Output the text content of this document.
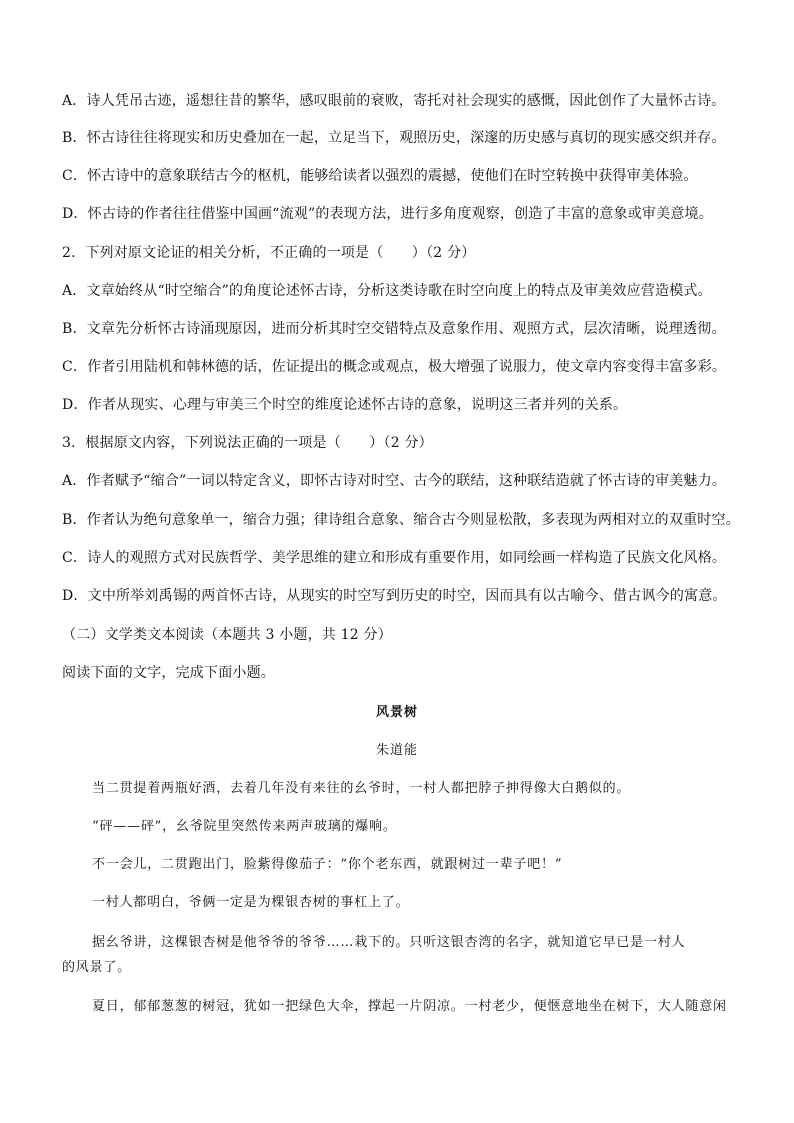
A．诗人凭吊古迹，遥想往昔的繁华，感叹眼前的衰败，寄托对社会现实的感慨，因此创作了大量怀古诗。
B．怀古诗往往将现实和历史叠加在一起，立足当下，观照历史，深邃的历史感与真切的现实感交织并存。
C．怀古诗中的意象联结古今的枢机，能够给读者以强烈的震撼，使他们在时空转换中获得审美体验。
D．怀古诗的作者往往借鉴中国画“流观”的表现方法，进行多角度观察，创造了丰富的意象或审美意境。
2．下列对原文论证的相关分析，不正确的一项是（　　）（2 分）
A．文章始终从“时空缩合”的角度论述怀古诗，分析这类诗歌在时空向度上的特点及审美效应营造模式。
B．文章先分析怀古诗涌现原因，进而分析其时空交错特点及意象作用、观照方式，层次清晰，说理透彻。
C．作者引用陆机和韩林德的话，佐证提出的概念或观点，极大增强了说服力，使文章内容变得丰富多彩。
D．作者从现实、心理与审美三个时空的维度论述怀古诗的意象，说明这三者并列的关系。
3．根据原文内容，下列说法正确的一项是（　　）（2 分）
A．作者赋予“缩合”一词以特定含义，即怀古诗对时空、古今的联结，这种联结造就了怀古诗的审美魅力。
B．作者认为绝句意象单一，缩合力强；律诗组合意象、缩合古今则显松散，多表现为两相对立的双重时空。
C．诗人的观照方式对民族哲学、美学思维的建立和形成有重要作用，如同绘画一样构造了民族文化风格。
D．文中所举刘禹锡的两首怀古诗，从现实的时空写到历史的时空，因而具有以古喻今、借古讽今的寓意。
（二）文学类文本阅读（本题共 3 小题，共 12 分）
阅读下面的文字，完成下面小题。
风景树
朱道能
当二贯提着两瓶好酒，去着几年没有来往的幺爷时，一村人都把脖子抻得像大白鹅似的。
“砰——砰”，幺爷院里突然传来两声玻璃的爆响。
不一会儿，二贯跑出门，脸紫得像茄子：“你个老东西，就跟树过一辈子吧！”
一村人都明白，爷俩一定是为棵银杏树的事杠上了。
据幺爷讲，这棵银杏树是他爷爷的爷爷……栽下的。只听这银杏湾的名字，就知道它早已是一村人
的风景了。
夏日，郁郁葱葱的树冠，犹如一把绿色大伞，撑起一片阴凉。一村老少，便惬意地坐在树下，大人随意闲
